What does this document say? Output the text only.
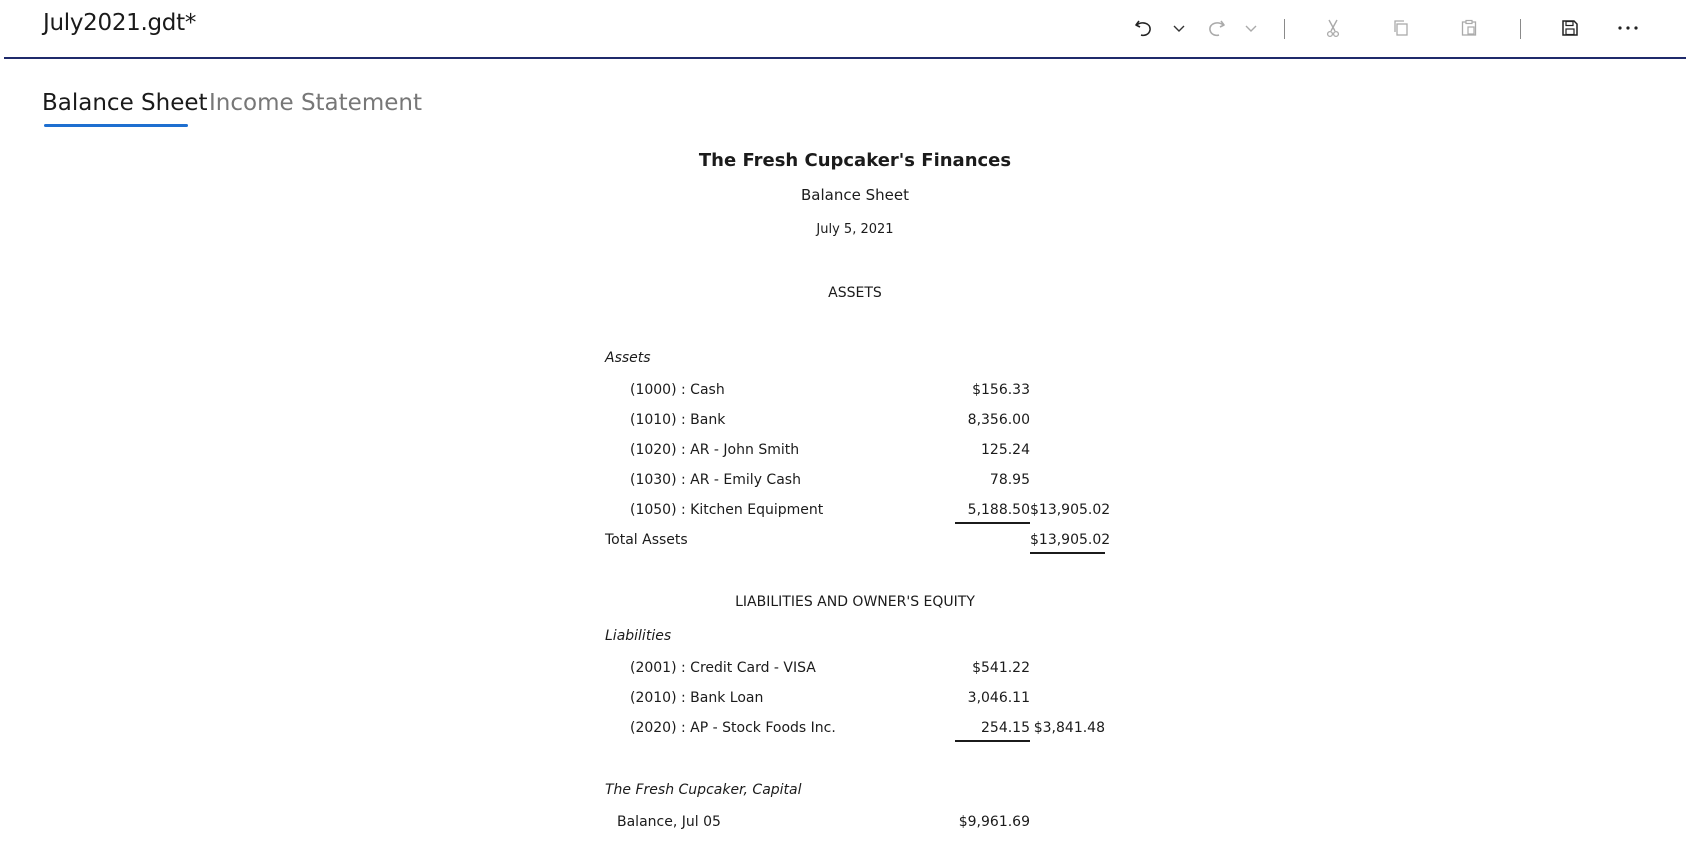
July2021.gdt*
Balance Sheet Income Statement
The Fresh Cupcaker's Finances
Balance Sheet
July 5, 2021
ASSETS
Assets
(1000) : Cash	$156.33
(1010) : Bank	8,356.00
(1020) : AR - John Smith	125.24
(1030) : AR - Emily Cash	78.95
(1050) : Kitchen Equipment	5,188.50 $13,905.02
Total Assets	$13,905.02
LIABILITIES AND OWNER'S EQUITY
Liabilities
(2001) : Credit Card - VISA	$541.22
(2010) : Bank Loan	3,046.11
(2020) : AP - Stock Foods Inc.	254.15 $3,841.48
The Fresh Cupcaker, Capital
Balance, Jul 05	$9,961.69
